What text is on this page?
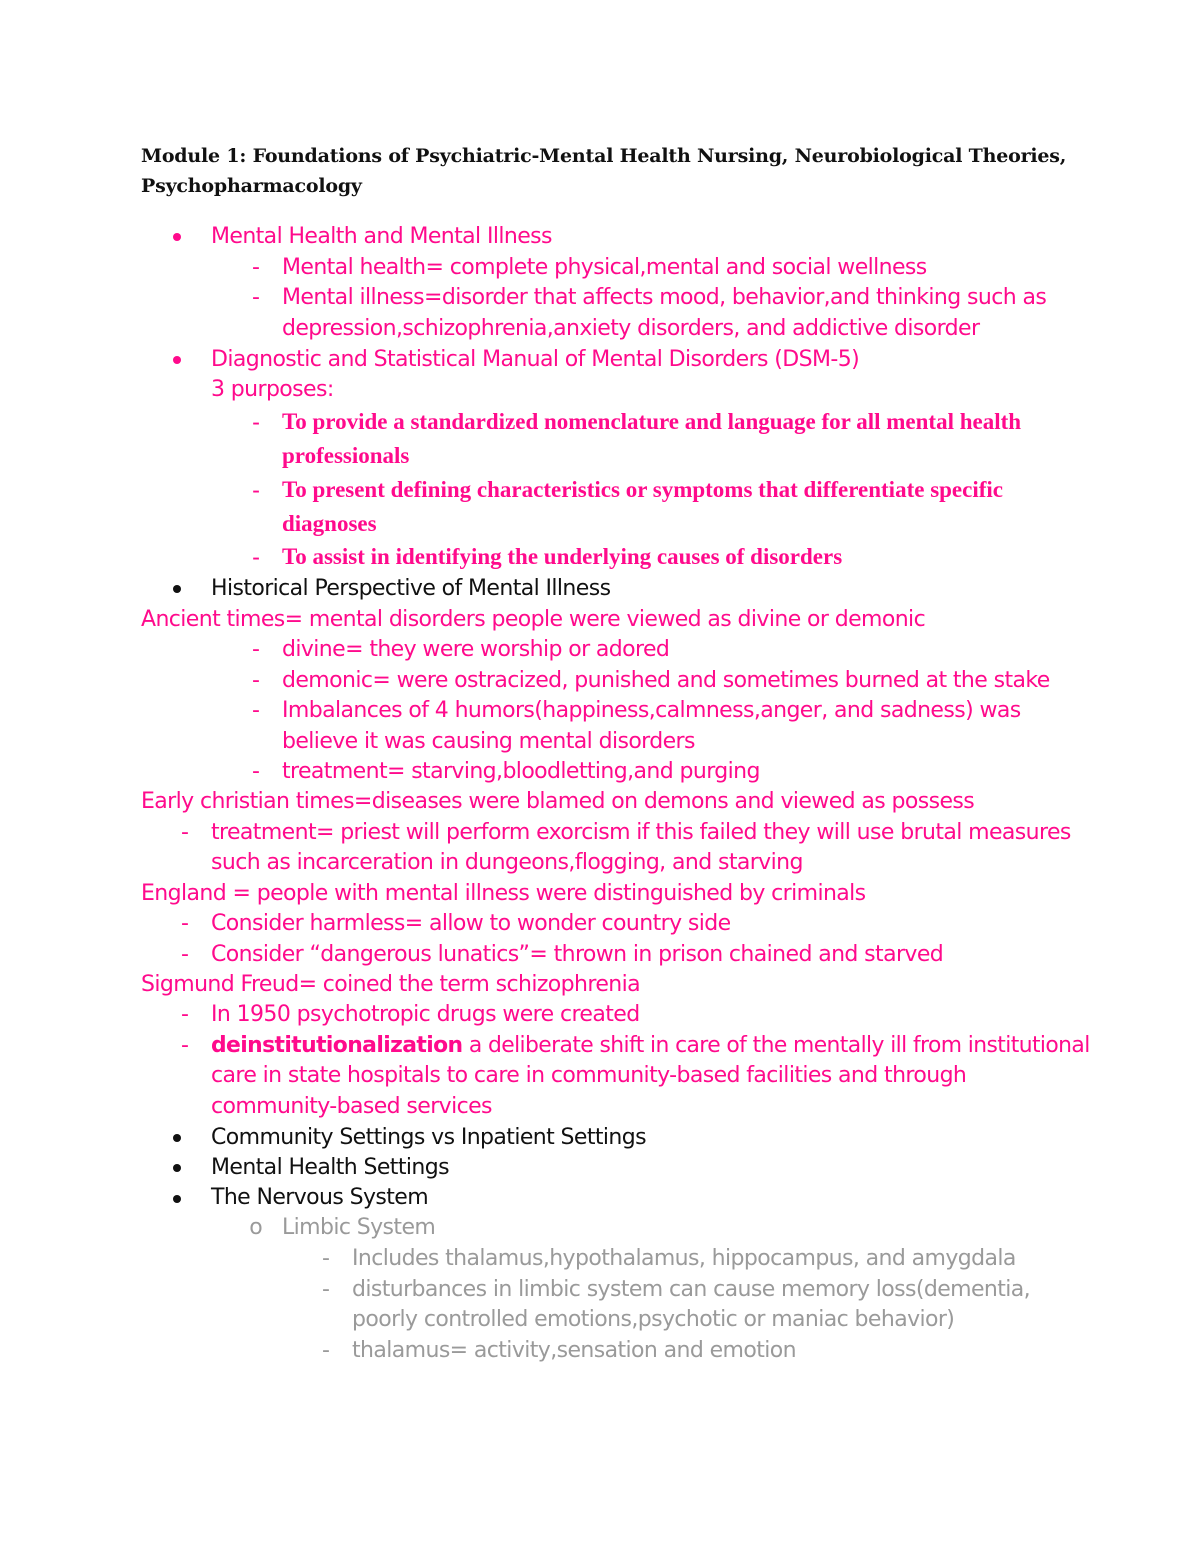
Module 1: Foundations of Psychiatric-Mental Health Nursing, Neurobiological Theories, Psychopharmacology
Mental Health and Mental Illness
-	Mental health= complete physical,mental and social wellness
-	Mental illness=disorder that affects mood, behavior,and thinking such as
depression,schizophrenia,anxiety disorders, and addictive disorder
Diagnostic and Statistical Manual of Mental Disorders (DSM-5)
3 purposes:
- To provide a standardized nomenclature and language for all mental health
professionals
- To present defining characteristics or symptoms that differentiate specific
diagnoses
- To assist in identifying the underlying causes of disorders
Historical Perspective of Mental Illness
Ancient times= mental disorders people were viewed as divine or demonic
-	divine= they were worship or adored
-	demonic= were ostracized, punished and sometimes burned at the stake
-	Imbalances of 4 humors(happiness,calmness,anger, and sadness) was
believe it was causing mental disorders
-	treatment= starving,bloodletting,and purging
Early christian times=diseases were blamed on demons and viewed as possess
-	treatment= priest will perform exorcism if this failed they will use brutal measures
such as incarceration in dungeons,flogging, and starving
England = people with mental illness were distinguished by criminals
-	Consider harmless= allow to wonder country side
-	Consider “dangerous lunatics”= thrown in prison chained and starved
Sigmund Freud= coined the term schizophrenia
-	In 1950 psychotropic drugs were created
-	deinstitutionalization a deliberate shift in care of the mentally ill from institutional
care in state hospitals to care in community-based facilities and through
community-based services
Community Settings vs Inpatient Settings
Mental Health Settings
The Nervous System
o Limbic System
-	Includes thalamus,hypothalamus, hippocampus, and amygdala
-	disturbances in limbic system can cause memory loss(dementia,
poorly controlled emotions,psychotic or maniac behavior)
-	thalamus= activity,sensation and emotion
